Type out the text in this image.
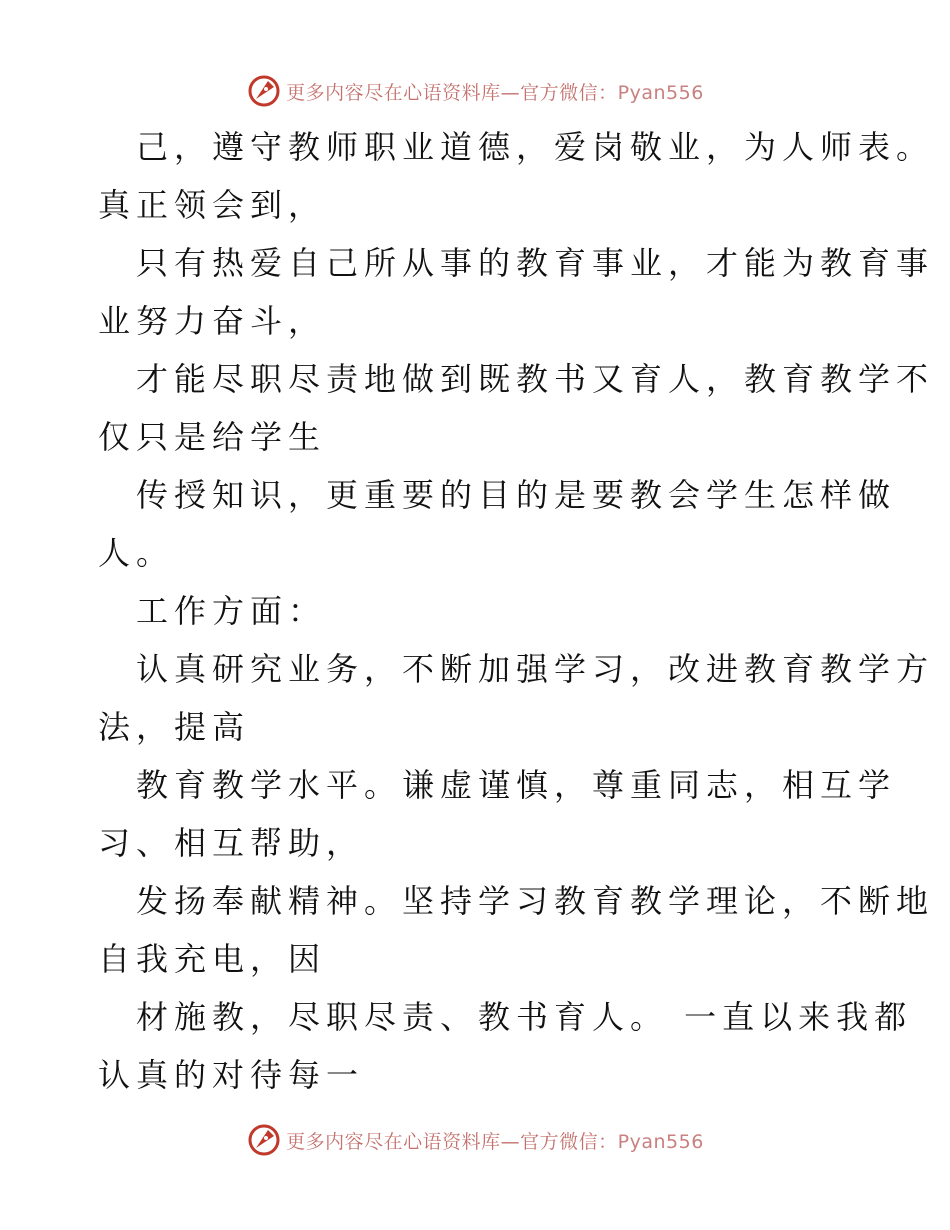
更多内容尽在心语资料库—官方微信：Pyan556

己，遵守教师职业道德，爱岗敬业，为人师表。

真正领会到，

只有热爱自己所从事的教育事业，才能为教育事

业努力奋斗，

才能尽职尽责地做到既教书又育人，教育教学不

仅只是给学生

传授知识，更重要的目的是要教会学生怎样做

人。

工作方面：

认真研究业务，不断加强学习，改进教育教学方

法，提高

教育教学水平。谦虚谨慎，尊重同志，相互学

习、相互帮助，

发扬奉献精神。坚持学习教育教学理论，不断地

自我充电，因

材施教，尽职尽责、教书育人。 一直以来我都

认真的对待每一

更多内容尽在心语资料库—官方微信：Pyan556
